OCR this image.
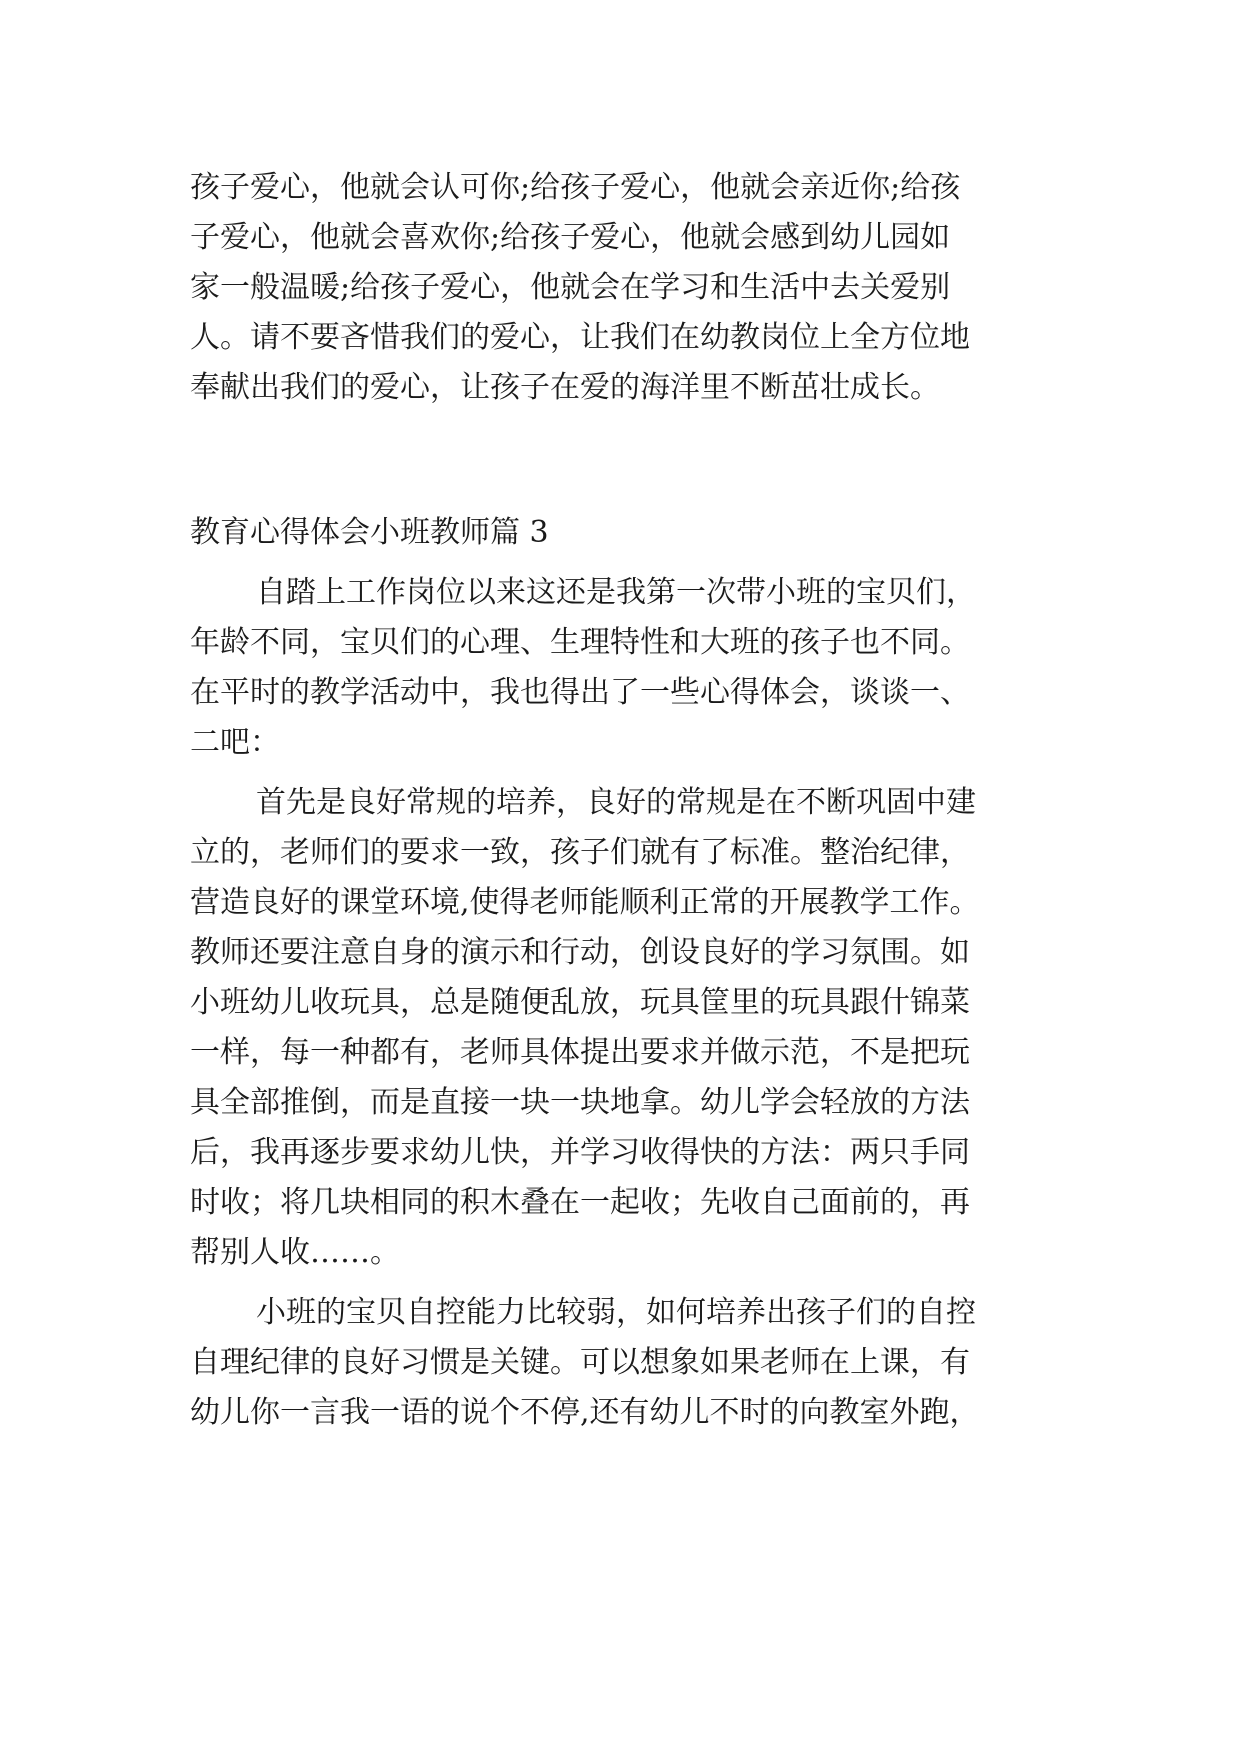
孩子爱心，他就会认可你;给孩子爱心，他就会亲近你;给孩
子爱心，他就会喜欢你;给孩子爱心，他就会感到幼儿园如
家一般温暖;给孩子爱心，他就会在学习和生活中去关爱别
人。请不要吝惜我们的爱心，让我们在幼教岗位上全方位地
奉献出我们的爱心，让孩子在爱的海洋里不断茁壮成长。
教育心得体会小班教师篇 3
自踏上工作岗位以来这还是我第一次带小班的宝贝们，
年龄不同，宝贝们的心理、生理特性和大班的孩子也不同。
在平时的教学活动中，我也得出了一些心得体会，谈谈一、
二吧：
首先是良好常规的培养，良好的常规是在不断巩固中建
立的，老师们的要求一致，孩子们就有了标准。整治纪律，
营造良好的课堂环境,使得老师能顺利正常的开展教学工作。
教师还要注意自身的演示和行动，创设良好的学习氛围。如
小班幼儿收玩具，总是随便乱放，玩具筐里的玩具跟什锦菜
一样，每一种都有，老师具体提出要求并做示范，不是把玩
具全部推倒，而是直接一块一块地拿。幼儿学会轻放的方法
后，我再逐步要求幼儿快，并学习收得快的方法：两只手同
时收；将几块相同的积木叠在一起收；先收自己面前的，再
帮别人收……。
小班的宝贝自控能力比较弱，如何培养出孩子们的自控
自理纪律的良好习惯是关键。可以想象如果老师在上课，有
幼儿你一言我一语的说个不停,还有幼儿不时的向教室外跑，
